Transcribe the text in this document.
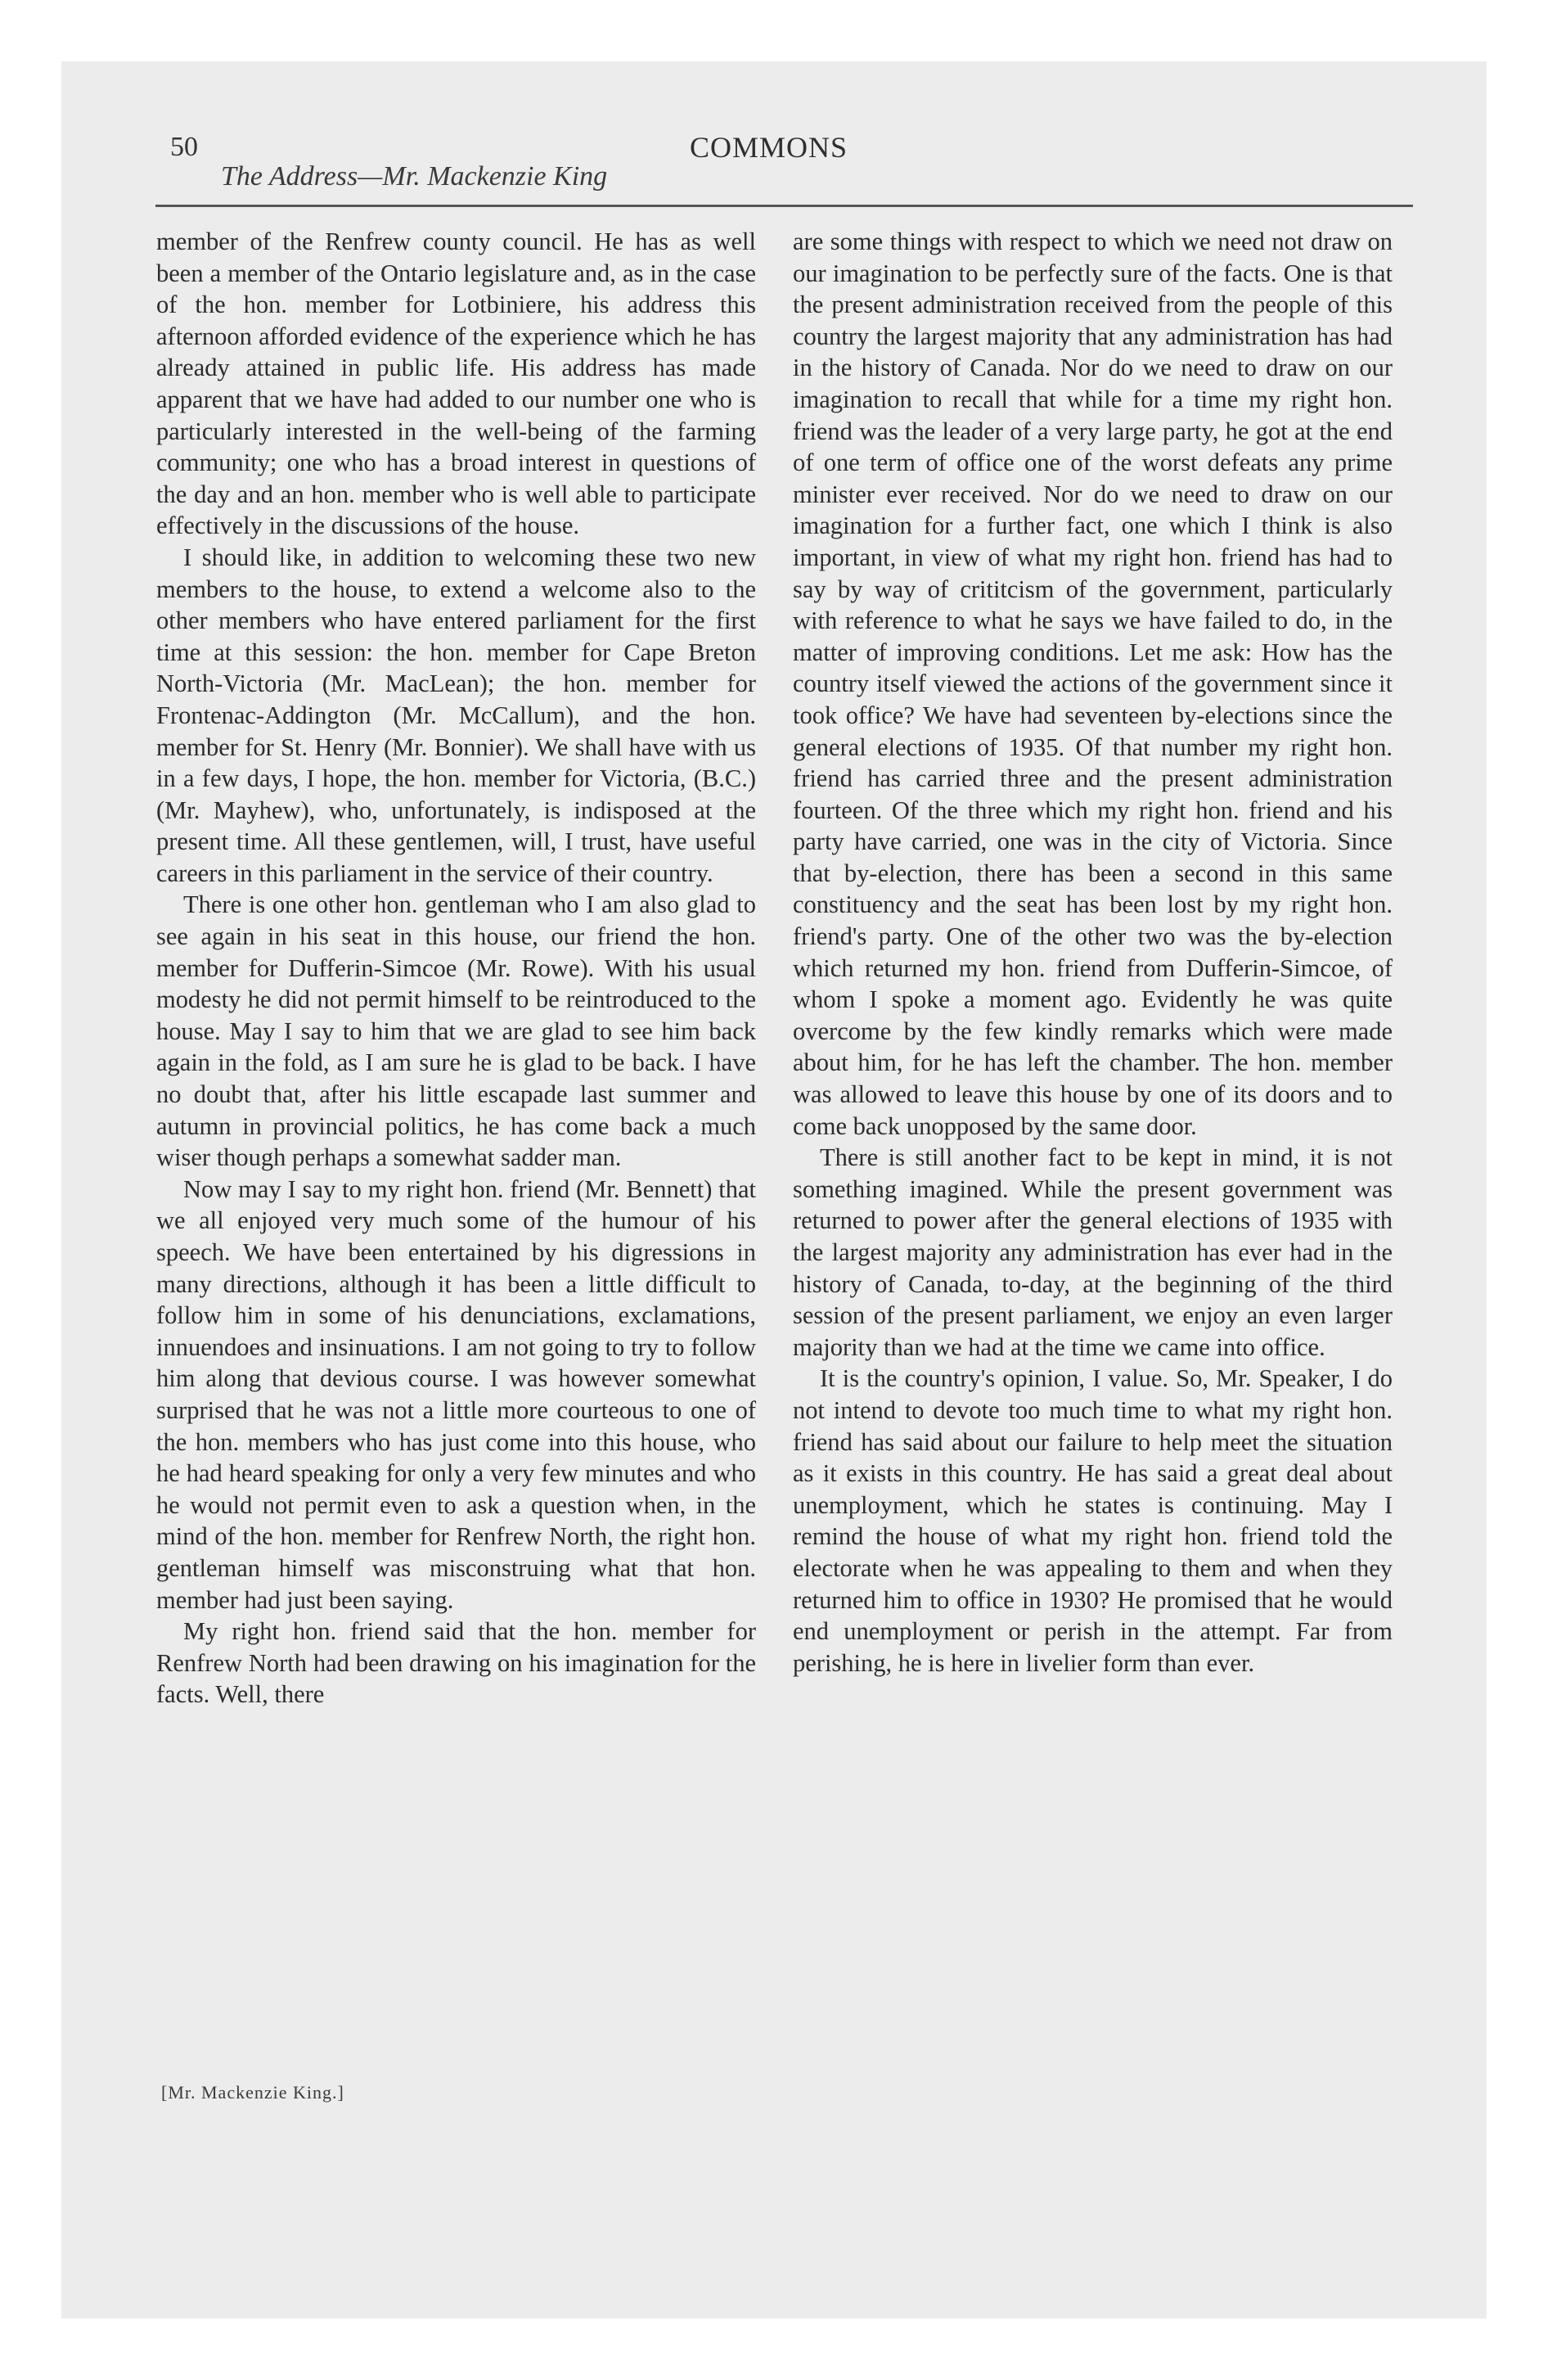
50
The Address—Mr. Mackenzie King
COMMONS

member of the Renfrew county council. He has as well been a member of the Ontario legislature and, as in the case of the hon. member for Lotbiniere, his address this afternoon afforded evidence of the experience which he has already attained in public life. His address has made apparent that we have had added to our number one who is particularly interested in the well-being of the farming community; one who has a broad interest in questions of the day and an hon. member who is well able to participate effectively in the discussions of the house.

I should like, in addition to welcoming these two new members to the house, to extend a welcome also to the other members who have entered parliament for the first time at this session: the hon. member for Cape Breton North-Victoria (Mr. MacLean); the hon. member for Frontenac-Addington (Mr. McCallum), and the hon. member for St. Henry (Mr. Bonnier). We shall have with us in a few days, I hope, the hon. member for Victoria, (B.C.) (Mr. Mayhew), who, unfortunately, is indisposed at the present time. All these gentlemen, will, I trust, have useful careers in this parliament in the service of their country.

There is one other hon. gentleman who I am also glad to see again in his seat in this house, our friend the hon. member for Dufferin-Simcoe (Mr. Rowe). With his usual modesty he did not permit himself to be reintroduced to the house. May I say to him that we are glad to see him back again in the fold, as I am sure he is glad to be back. I have no doubt that, after his little escapade last summer and autumn in provincial politics, he has come back a much wiser though perhaps a somewhat sadder man.

Now may I say to my right hon. friend (Mr. Bennett) that we all enjoyed very much some of the humour of his speech. We have been entertained by his digressions in many directions, although it has been a little difficult to follow him in some of his denunciations, exclamations, innuendoes and insinuations. I am not going to try to follow him along that devious course. I was however somewhat surprised that he was not a little more courteous to one of the hon. members who has just come into this house, who he had heard speaking for only a very few minutes and who he would not permit even to ask a question when, in the mind of the hon. member for Renfrew North, the right hon. gentleman himself was misconstruing what that hon. member had just been saying.

My right hon. friend said that the hon. member for Renfrew North had been drawing on his imagination for the facts. Well, there

are some things with respect to which we need not draw on our imagination to be perfectly sure of the facts. One is that the present administration received from the people of this country the largest majority that any administration has had in the history of Canada. Nor do we need to draw on our imagination to recall that while for a time my right hon. friend was the leader of a very large party, he got at the end of one term of office one of the worst defeats any prime minister ever received. Nor do we need to draw on our imagination for a further fact, one which I think is also important, in view of what my right hon. friend has had to say by way of crititcism of the government, particularly with reference to what he says we have failed to do, in the matter of improving conditions. Let me ask: How has the country itself viewed the actions of the government since it took office? We have had seventeen by-elections since the general elections of 1935. Of that number my right hon. friend has carried three and the present administration fourteen. Of the three which my right hon. friend and his party have carried, one was in the city of Victoria. Since that by-election, there has been a second in this same constituency and the seat has been lost by my right hon. friend's party. One of the other two was the by-election which returned my hon. friend from Dufferin-Simcoe, of whom I spoke a moment ago. Evidently he was quite overcome by the few kindly remarks which were made about him, for he has left the chamber. The hon. member was allowed to leave this house by one of its doors and to come back unopposed by the same door.

There is still another fact to be kept in mind, it is not something imagined. While the present government was returned to power after the general elections of 1935 with the largest majority any administration has ever had in the history of Canada, to-day, at the beginning of the third session of the present parliament, we enjoy an even larger majority than we had at the time we came into office.

It is the country's opinion, I value. So, Mr. Speaker, I do not intend to devote too much time to what my right hon. friend has said about our failure to help meet the situation as it exists in this country. He has said a great deal about unemployment, which he states is continuing. May I remind the house of what my right hon. friend told the electorate when he was appealing to them and when they returned him to office in 1930? He promised that he would end unemployment or perish in the attempt. Far from perishing, he is here in livelier form than ever.

[Mr. Mackenzie King.]
